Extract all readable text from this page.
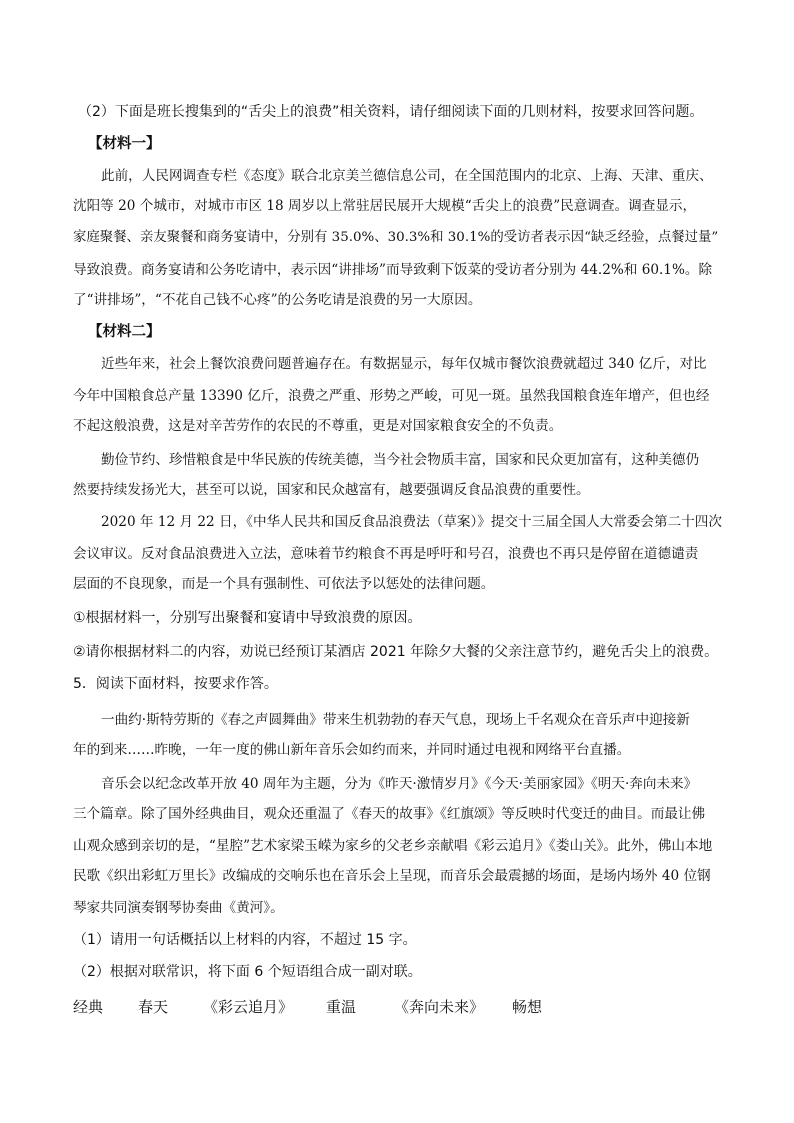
（2）下面是班长搜集到的“舌尖上的浪费”相关资料，请仔细阅读下面的几则材料，按要求回答问题。
【材料一】
此前，人民网调查专栏《态度》联合北京美兰德信息公司，在全国范围内的北京、上海、天津、重庆、
沈阳等 20 个城市，对城市市区 18 周岁以上常驻居民展开大规模“舌尖上的浪费”民意调查。调查显示，
家庭聚餐、亲友聚餐和商务宴请中，分别有 35.0%、30.3%和 30.1%的受访者表示因“缺乏经验，点餐过量”
导致浪费。商务宴请和公务吃请中，表示因“讲排场”而导致剩下饭菜的受访者分别为 44.2%和 60.1%。除
了“讲排场”，“不花自己钱不心疼”的公务吃请是浪费的另一大原因。
【材料二】
近些年来，社会上餐饮浪费问题普遍存在。有数据显示，每年仅城市餐饮浪费就超过 340 亿斤，对比
今年中国粮食总产量 13390 亿斤，浪费之严重、形势之严峻，可见一斑。虽然我国粮食连年增产，但也经
不起这般浪费，这是对辛苦劳作的农民的不尊重，更是对国家粮食安全的不负责。
勤俭节约、珍惜粮食是中华民族的传统美德，当今社会物质丰富，国家和民众更加富有，这种美德仍
然要持续发扬光大，甚至可以说，国家和民众越富有，越要强调反食品浪费的重要性。
2020 年 12 月 22 日，《中华人民共和国反食品浪费法（草案）》提交十三届全国人大常委会第二十四次
会议审议。反对食品浪费进入立法，意味着节约粮食不再是呼吁和号召，浪费也不再只是停留在道德谴责
层面的不良现象，而是一个具有强制性、可依法予以惩处的法律问题。
①根据材料一，分别写出聚餐和宴请中导致浪费的原因。
②请你根据材料二的内容，劝说已经预订某酒店 2021 年除夕大餐的父亲注意节约，避免舌尖上的浪费。
5．阅读下面材料，按要求作答。
一曲约·斯特劳斯的《春之声圆舞曲》带来生机勃勃的春天气息，现场上千名观众在音乐声中迎接新
年的到来……昨晚，一年一度的佛山新年音乐会如约而来，并同时通过电视和网络平台直播。
音乐会以纪念改革开放 40 周年为主题，分为《昨天·激情岁月》《今天·美丽家园》《明天·奔向未来》
三个篇章。除了国外经典曲目，观众还重温了《春天的故事》《红旗颂》等反映时代变迁的曲目。而最让佛
山观众感到亲切的是，“星腔”艺术家梁玉嵘为家乡的父老乡亲献唱《彩云追月》《娄山关》。此外，佛山本地
民歌《织出彩虹万里长》改编成的交响乐也在音乐会上呈现，而音乐会最震撼的场面，是场内场外 40 位钢
琴家共同演奏钢琴协奏曲《黄河》。
（1）请用一句话概括以上材料的内容，不超过 15 字。
（2）根据对联常识，将下面 6 个短语组合成一副对联。
经典 春天 《彩云追月》 重温	《奔向未来》 畅想
